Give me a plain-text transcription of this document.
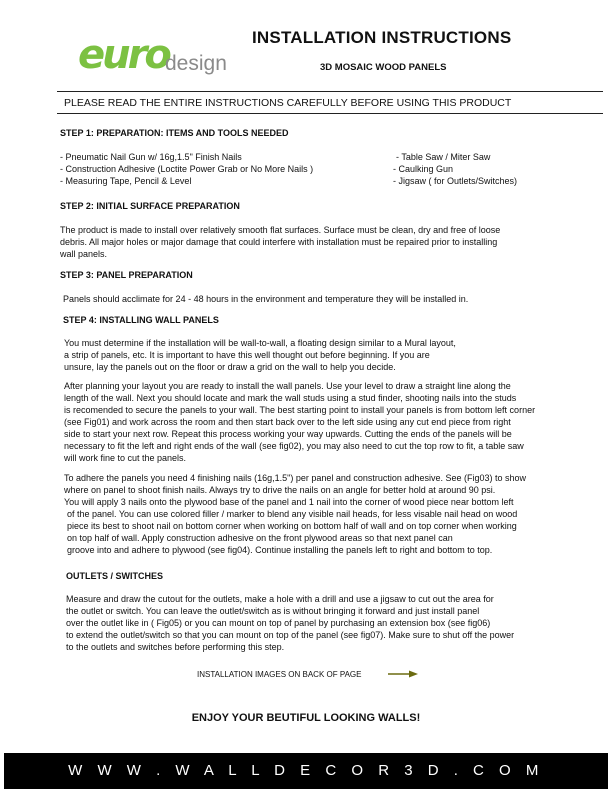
euro
design
INSTALLATION INSTRUCTIONS
3D MOSAIC WOOD PANELS
PLEASE READ THE ENTIRE INSTRUCTIONS CAREFULLY BEFORE USING THIS PRODUCT
STEP 1: PREPARATION: ITEMS AND TOOLS NEEDED
- Pneumatic Nail Gun w/ 16g,1.5" Finish Nails
- Construction Adhesive (Loctite Power Grab or No More Nails )
- Measuring Tape, Pencil & Level
- Table Saw / Miter Saw
- Caulking Gun
- Jigsaw ( for Outlets/Switches)
STEP 2: INITIAL SURFACE PREPARATION
The product is made to install over relatively smooth flat surfaces. Surface must be clean, dry and free of loose
debris. All major holes or major damage that could interfere with installation must be repaired prior to installing
wall panels.
STEP 3: PANEL PREPARATION
Panels should acclimate for 24 - 48 hours in the environment and temperature they will be installed in.
STEP 4: INSTALLING WALL PANELS
You must determine if the installation will be wall-to-wall, a floating design similar to a Mural layout,
a strip of panels, etc. It is important to have this well thought out before beginning. If you are
unsure, lay the panels out on the floor or draw a grid on the wall to help you decide.
After planning your layout you are ready to install the wall panels. Use your level to draw a straight line along the
length of the wall. Next you should locate and mark the wall studs using a stud finder, shooting nails into the studs
is recomended to secure the panels to your wall. The best starting point to install your panels is from bottom left corner
(see Fig01) and work across the room and then start back over to the left side using any cut end piece from right
side to start your next row. Repeat this process working your way upwards. Cutting the ends of the panels will be
necessary to fit the left and right ends of the wall (see fig02), you may also need to cut the top row to fit, a table saw
will work fine to cut the panels.
To adhere the panels you need 4 finishing nails (16g,1.5") per panel and construction adhesive. See (Fig03) to show
where on panel to shoot finish nails. Always try to drive the nails on an angle for better hold at around 90 psi.
You will apply 3 nails onto the plywood base of the panel and 1 nail into the corner of wood piece near bottom left
of the panel. You can use colored filler / marker to blend any visible nail heads, for less visable nail head on wood
piece its best to shoot nail on bottom corner when working on bottom half of wall and on top corner when working
on top half of wall. Apply construction adhesive on the front plywood areas so that next panel can
groove into and adhere to plywood (see fig04). Continue installing the panels left to right and bottom to top.
OUTLETS / SWITCHES
Measure and draw the cutout for the outlets, make a hole with a drill and use a jigsaw to cut out the area for
the outlet or switch. You can leave the outlet/switch as is without bringing it forward and just install panel
over the outlet like in ( Fig05) or you can mount on top of panel by purchasing an extension box (see fig06)
to extend the outlet/switch so that you can mount on top of the panel (see fig07). Make sure to shut off the power
to the outlets and switches before performing this step.
INSTALLATION IMAGES ON BACK OF PAGE
ENJOY YOUR BEUTIFUL LOOKING WALLS!
W W W . W A L L D E C O R 3 D . C O M
